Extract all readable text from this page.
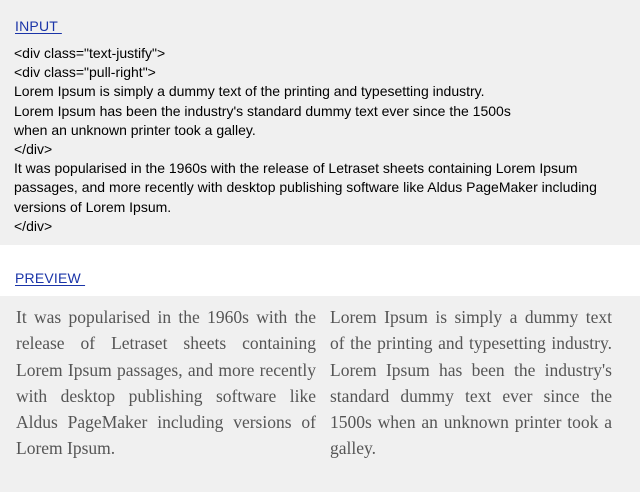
INPUT
<div class="text-justify">
<div class="pull-right">
Lorem Ipsum is simply a dummy text of the printing and typesetting industry.
Lorem Ipsum has been the industry's standard dummy text ever since the 1500s
when an unknown printer took a galley.
</div>
It was popularised in the 1960s with the release of Letraset sheets containing Lorem Ipsum
passages, and more recently with desktop publishing software like Aldus PageMaker including
versions of Lorem Ipsum.
</div>
PREVIEW

Lorem Ipsum is simply a dummy text of the printing and typesetting industry. Lorem Ipsum has been the industry's standard dummy text ever since the 1500s when an unknown printer took a galley.

It was popularised in the 1960s with the release of Letraset sheets containing Lorem Ipsum passages, and more recently with desktop publishing software like Aldus PageMaker including versions of Lorem Ipsum.
